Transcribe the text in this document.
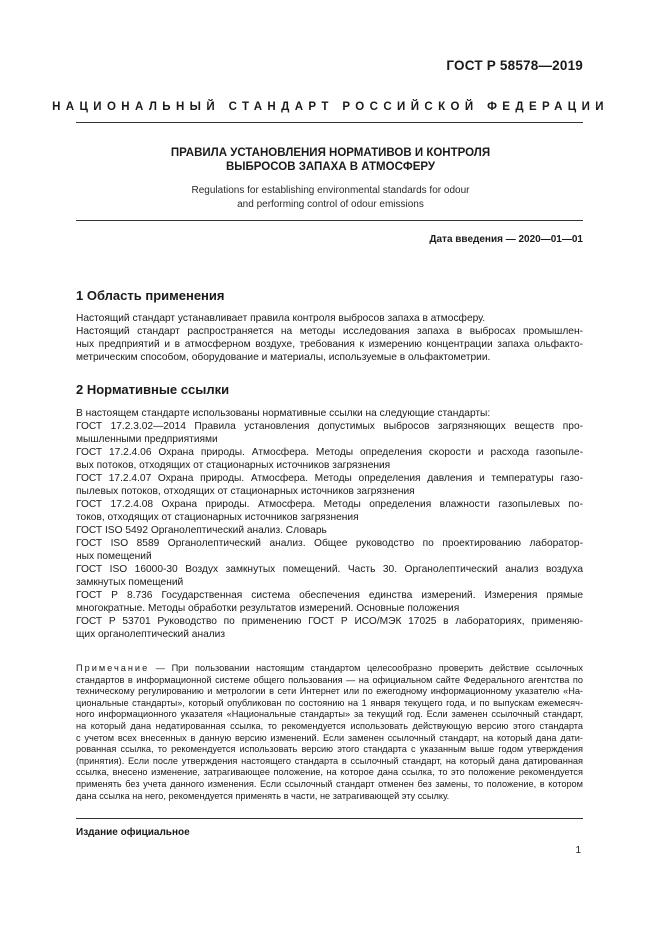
ГОСТ Р 58578—2019
НАЦИОНАЛЬНЫЙ СТАНДАРТ РОССИЙСКОЙ ФЕДЕРАЦИИ
ПРАВИЛА УСТАНОВЛЕНИЯ НОРМАТИВОВ И КОНТРОЛЯ
ВЫБРОСОВ ЗАПАХА В АТМОСФЕРУ
Regulations for establishing environmental standards for odour
and performing control of odour emissions
Дата введения — 2020—01—01
1 Область применения
Настоящий стандарт устанавливает правила контроля выбросов запаха в атмосферу.
Настоящий стандарт распространяется на методы исследования запаха в выбросах промышлен-
ных предприятий и в атмосферном воздухе, требования к измерению концентрации запаха ольфакто-
метрическим способом, оборудование и материалы, используемые в ольфактометрии.
2 Нормативные ссылки
В настоящем стандарте использованы нормативные ссылки на следующие стандарты:
ГОСТ 17.2.3.02—2014 Правила установления допустимых выбросов загрязняющих веществ про-
мышленными предприятиями
ГОСТ 17.2.4.06 Охрана природы. Атмосфера. Методы определения скорости и расхода газопыле-
вых потоков, отходящих от стационарных источников загрязнения
ГОСТ 17.2.4.07 Охрана природы. Атмосфера. Методы определения давления и температуры газо-
пылевых потоков, отходящих от стационарных источников загрязнения
ГОСТ 17.2.4.08 Охрана природы. Атмосфера. Методы определения влажности газопылевых по-
токов, отходящих от стационарных источников загрязнения
ГОСТ ISO 5492 Органолептический анализ. Словарь
ГОСТ ISO 8589 Органолептический анализ. Общее руководство по проектированию лаборатор-
ных помещений
ГОСТ ISO 16000-30 Воздух замкнутых помещений. Часть 30. Органолептический анализ воздуха
замкнутых помещений
ГОСТ Р 8.736 Государственная система обеспечения единства измерений. Измерения прямые
многократные. Методы обработки результатов измерений. Основные положения
ГОСТ Р 53701 Руководство по применению ГОСТ Р ИСО/МЭК 17025 в лабораториях, применяю-
щих органолептический анализ
Примечание — При пользовании настоящим стандартом целесообразно проверить действие ссылочных
стандартов в информационной системе общего пользования — на официальном сайте Федерального агентства по
техническому регулированию и метрологии в сети Интернет или по ежегодному информационному указателю «На-
циональные стандарты», который опубликован по состоянию на 1 января текущего года, и по выпускам ежемесяч-
ного информационного указателя «Национальные стандарты» за текущий год. Если заменен ссылочный стандарт,
на который дана недатированная ссылка, то рекомендуется использовать действующую версию этого стандарта
с учетом всех внесенных в данную версию изменений. Если заменен ссылочный стандарт, на который дана дати-
рованная ссылка, то рекомендуется использовать версию этого стандарта с указанным выше годом утверждения
(принятия). Если после утверждения настоящего стандарта в ссылочный стандарт, на который дана датированная
ссылка, внесено изменение, затрагивающее положение, на которое дана ссылка, то это положение рекомендуется
применять без учета данного изменения. Если ссылочный стандарт отменен без замены, то положение, в котором
дана ссылка на него, рекомендуется применять в части, не затрагивающей эту ссылку.
Издание официальное
1
